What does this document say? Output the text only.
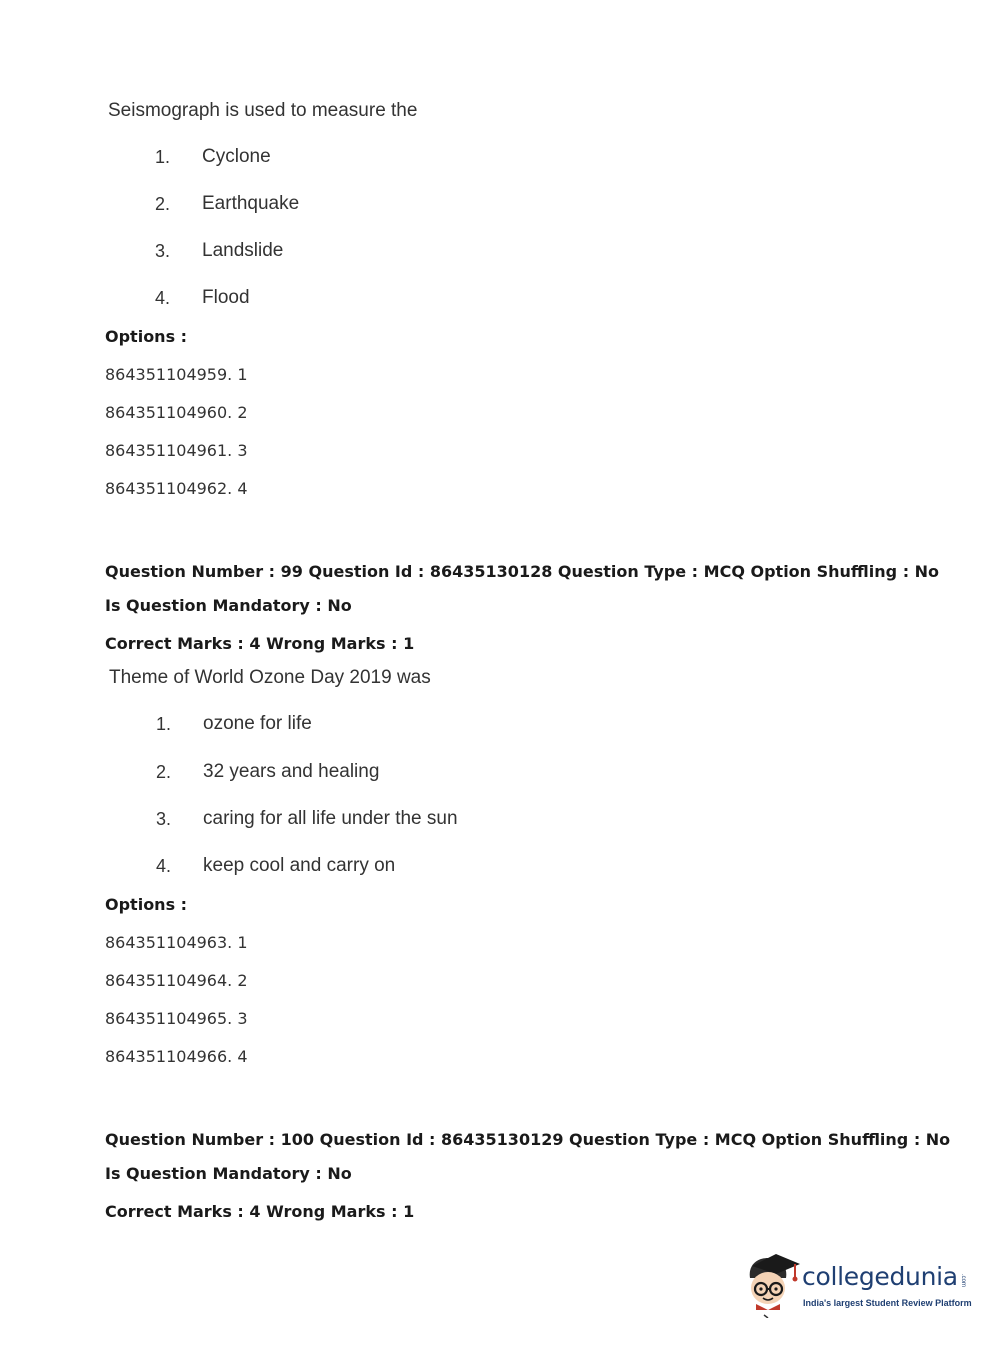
Seismograph is used to measure the
1. Cyclone
2. Earthquake
3. Landslide
4. Flood
Options :
864351104959. 1
864351104960. 2
864351104961. 3
864351104962. 4
Question Number : 99 Question Id : 86435130128 Question Type : MCQ Option Shuffling : No
Is Question Mandatory : No
Correct Marks : 4 Wrong Marks : 1
Theme of World Ozone Day 2019 was
1. ozone for life
2. 32 years and healing
3. caring for all life under the sun
4. keep cool and carry on
Options :
864351104963. 1
864351104964. 2
864351104965. 3
864351104966. 4
Question Number : 100 Question Id : 86435130129 Question Type : MCQ Option Shuffling : No
Is Question Mandatory : No
Correct Marks : 4 Wrong Marks : 1
collegedunia .com
India's largest Student Review Platform
